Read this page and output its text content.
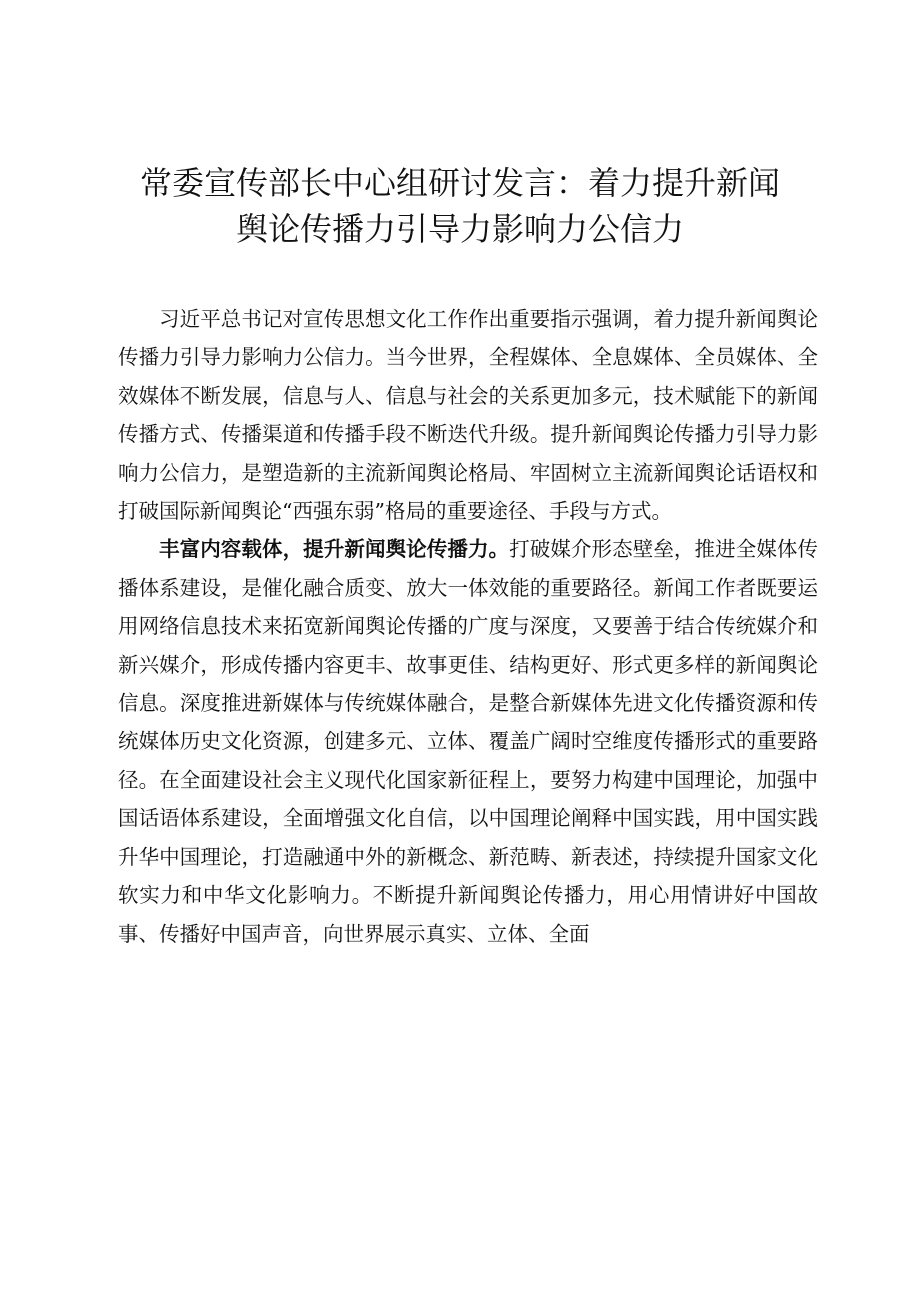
常委宣传部长中心组研讨发言：着力提升新闻
舆论传播力引导力影响力公信力

习近平总书记对宣传思想文化工作作出重要指示强调，着力提升新闻舆论传播力引导力影响力公信力。当今世界，全程媒体、全息媒体、全员媒体、全效媒体不断发展，信息与人、信息与社会的关系更加多元，技术赋能下的新闻传播方式、传播渠道和传播手段不断迭代升级。提升新闻舆论传播力引导力影响力公信力，是塑造新的主流新闻舆论格局、牢固树立主流新闻舆论话语权和打破国际新闻舆论“西强东弱”格局的重要途径、手段与方式。

丰富内容载体，提升新闻舆论传播力。打破媒介形态壁垒，推进全媒体传播体系建设，是催化融合质变、放大一体效能的重要路径。新闻工作者既要运用网络信息技术来拓宽新闻舆论传播的广度与深度，又要善于结合传统媒介和新兴媒介，形成传播内容更丰、故事更佳、结构更好、形式更多样的新闻舆论信息。深度推进新媒体与传统媒体融合，是整合新媒体先进文化传播资源和传统媒体历史文化资源，创建多元、立体、覆盖广阔时空维度传播形式的重要路径。在全面建设社会主义现代化国家新征程上，要努力构建中国理论，加强中国话语体系建设，全面增强文化自信，以中国理论阐释中国实践，用中国实践升华中国理论，打造融通中外的新概念、新范畴、新表述，持续提升国家文化软实力和中华文化影响力。不断提升新闻舆论传播力，用心用情讲好中国故事、传播好中国声音，向世界展示真实、立体、全面
